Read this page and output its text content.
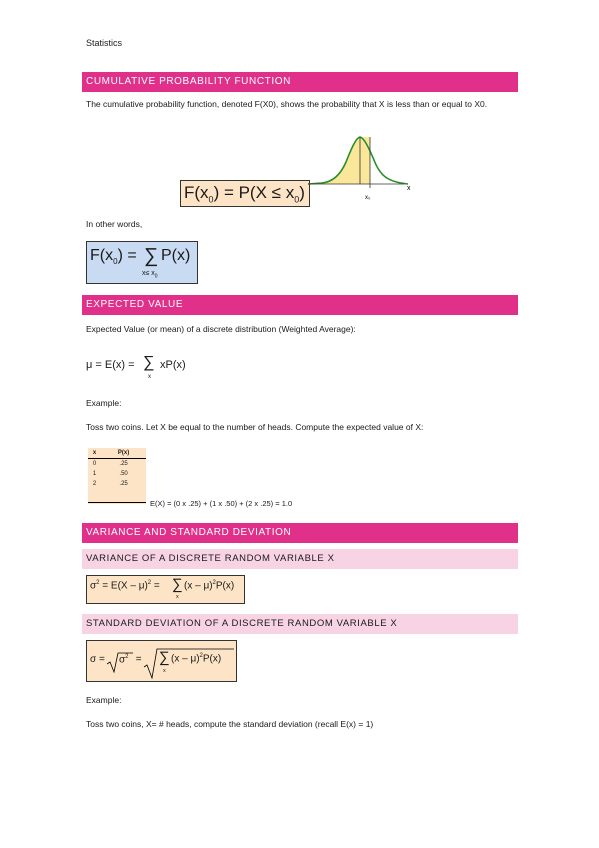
Statistics
CUMULATIVE PROBABILITY FUNCTION
The cumulative probability function, denoted F(X0), shows the probability that X is less than or equal to X0.
$F(x_0) = P(X \le x_0)$	x
x₀
In other words,
$F(x_0)$ = ∑
$x\le x_0$
P(x)
EXPECTED VALUE
Expected Value (or mean) of a discrete distribution (Weighted Average):
μ = E(x) = ∑
x
xP(x)
Example:
Toss two coins. Let X be equal to the number of heads. Compute the expected value of X:
x	P(x)
0	.25
1	.50
2	.25
E(X) = (0 x .25) + (1 x .50) + (2 x .25) = 1.0
VARIANCE AND STANDARD DEVIATION
VARIANCE OF A DISCRETE RANDOM VARIABLE X
$\sigma^2 = E(X - \mu)^2$ = ∑
x
(x – μ)$^2$P(x)
STANDARD DEVIATION OF A DISCRETE RANDOM VARIABLE X
$\sigma = \sigma^2$ = ∑
x
(x – μ)$^2$P(x)
Example:
Toss two coins, X= # heads, compute the standard deviation (recall E(x) = 1)
